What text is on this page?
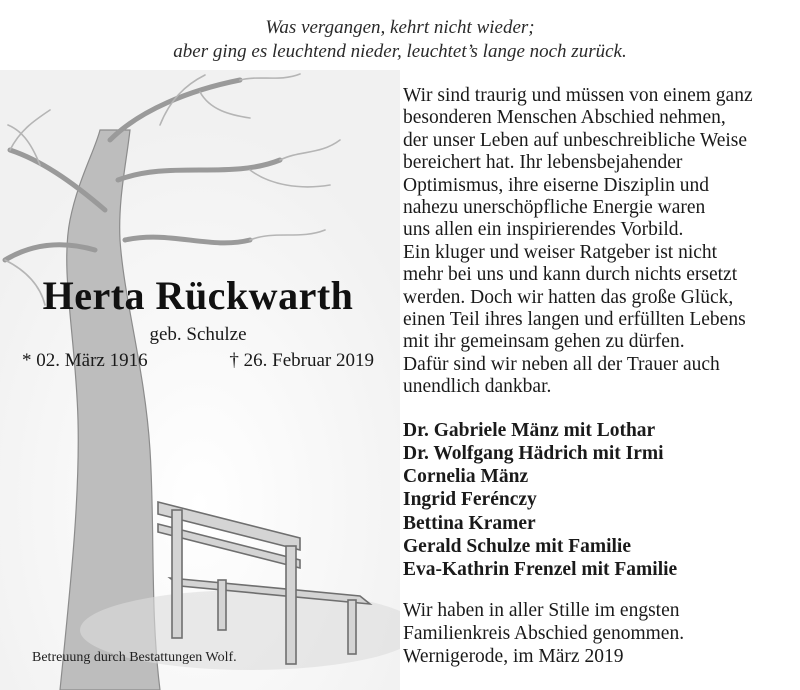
Was vergangen, kehrt nicht wieder;
aber ging es leuchtend nieder, leuchtet’s lange noch zurück.
Herta Rückwarth
geb. Schulze
* 02. März 1916	† 26. Februar 2019
Betreuung durch Bestattungen Wolf.
Wir sind traurig und müssen von einem ganz
besonderen Menschen Abschied nehmen,
der unser Leben auf unbeschreibliche Weise
bereichert hat. Ihr lebensbejahender
Optimismus, ihre eiserne Disziplin und
nahezu unerschöpfliche Energie waren
uns allen ein inspirierendes Vorbild.
Ein kluger und weiser Ratgeber ist nicht
mehr bei uns und kann durch nichts ersetzt
werden. Doch wir hatten das große Glück,
einen Teil ihres langen und erfüllten Lebens
mit ihr gemeinsam gehen zu dürfen.
Dafür sind wir neben all der Trauer auch
unendlich dankbar.
Dr. Gabriele Mänz mit Lothar
Dr. Wolfgang Hädrich mit Irmi
Cornelia Mänz
Ingrid Ferénczy
Bettina Kramer
Gerald Schulze mit Familie
Eva-Kathrin Frenzel mit Familie
Wir haben in aller Stille im engsten
Familienkreis Abschied genommen.
Wernigerode, im März 2019
